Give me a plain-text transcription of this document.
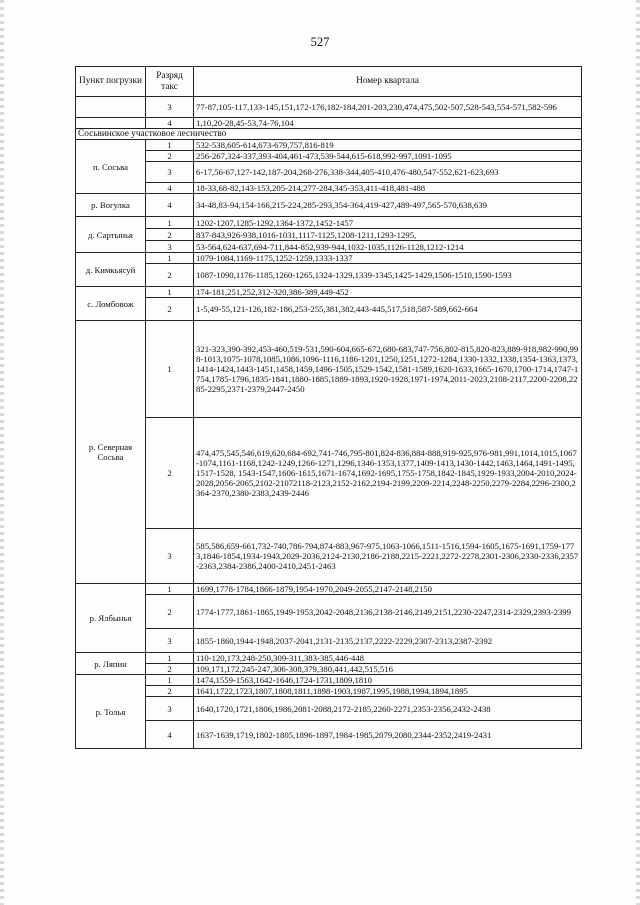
527
Пункт погрузки	Разряд такс	Номер квартала
	3	77-87,105-117,133-145,151,172-176,182-184,201-203,230,474,475,502-507,528-543,554-571,582-596
	4	1,10,20-28,45-53,74-76,104
Сосьвинское участковое лесничество		
п. Сосьва	1	532-538,605-614,673-679,757,816-819
	2	256-267,324-337,393-404,461-473,539-544,615-618,992-997,1091-1095
	3	6-17,56-67,127-142,187-204,268-276,338-344,405-410,476-480,547-552,621-623,693
	4	18-33,68-82,143-153,205-214,277-284,345-353,411-418,481-488
р. Вогулка	4	34-48,83-94,154-166,215-224,285-293,354-364,419-427,489-497,565-570,638,639
д. Сартынья	1	1202-1207,1285-1292,1364-1372,1452-1457
	2	837-843,926-938,1016-1031,1117-1125,1208-1211,1293-1295,
	3	53-564,624-637,694-711,844-852,939-944,1032-1035,1126-1128,1212-1214
д. Кимкьясуй	1	1079-1084,1169-1175,1252-1259,1333-1337
	2	1087-1090,1176-1185,1260-1265,1324-1329,1339-1345,1425-1429,1506-1510,1590-1593
с. Ломбовож	1	174-181,251,252,312-320,386-389,449-452
	2	1-5,49-55,121-126,182-186,253-255,381,382,443-445,517,518,587-589,662-664
р. Северная Сосьва	1	321-323,390-392,453-460,519-531,590-604,665-672,680-683,747-756,802-815,820-823,889-918,982-990,998-1013,1075-1078,1085,1086,1096-1116,1186-1201,1250,1251,1272-1284,1330-1332,1338,1354-1363,1373,1414-1424,1443-1451,1458,1459,1496-1505,1529-1542,1581-1589,1620-1633,1665-1670,1700-1714,1747-1754,1785-1796,1835-1841,1880-1885,1889-1893,1920-1928,1971-1974,2011-2023,2108-2117,2200-2208,2285-2295,2371-2379,2447-2450
	2	474,475,545,546,619,620,684-692,741-746,795-801,824-836,884-888,919-925,976-981,991,1014,1015,1067-1074,1161-1168,1242-1249,1266-1271,1296,1346-1353,1377,1409-1413,1430-1442,1463,1464,1491-1495,1517-1528, 1543-1547,1606-1615,1671-1674,1692-1695,1755-1758,1842-1845,1929-1933,2004-2010,2024-2028,2056-2065,2102-21072118-2123,2152-2162,2194-2199,2209-2214,2248-2250,2279-2284,2296-2300,2364-2370,2380-2383,2439-2446
	3	585,586,659-661,732-740,786-794,874-883,967-975,1063-1066,1511-1516,1594-1605,1675-1691,1759-1773,1846-1854,1934-1943,2029-2036,2124-2130,2186-2188,2215-2221,2272-2278,2301-2306,2330-2336,2357-2363,2384-2386,2400-2410,2451-2463
р. Ялбынья	1	1699,1778-1784,1866-1879,1954-1970,2049-2055,2147-2148,2150
	2	1774-1777,1861-1865,1949-1953,2042-2048,2136,2138-2146,2149,2151,2230-2247,2314-2329,2393-2399
	3	1855-1860,1944-1948,2037-2041,2131-2135,2137,2222-2229,2307-2313,2387-2392
р. Ляпин	1	110-120,173,248-250,309-311,383-385,446-448
	2	109,171,172,245-247,306-308,379,380,441,442,515,516
р. Толья	1	1474,1559-1563,1642-1646,1724-1731,1809,1810
	2	1641,1722,1723,1807,1808,1811,1898-1903,1987,1995,1988,1994,1894,1895
	3	1640,1720,1721,1806,1986,2081-2088,2172-2185,2260-2271,2353-2356,2432-2438
	4	1637-1639,1719,1802-1805,1896-1897,1984-1985,2079,2080,2344-2352,2419-2431
